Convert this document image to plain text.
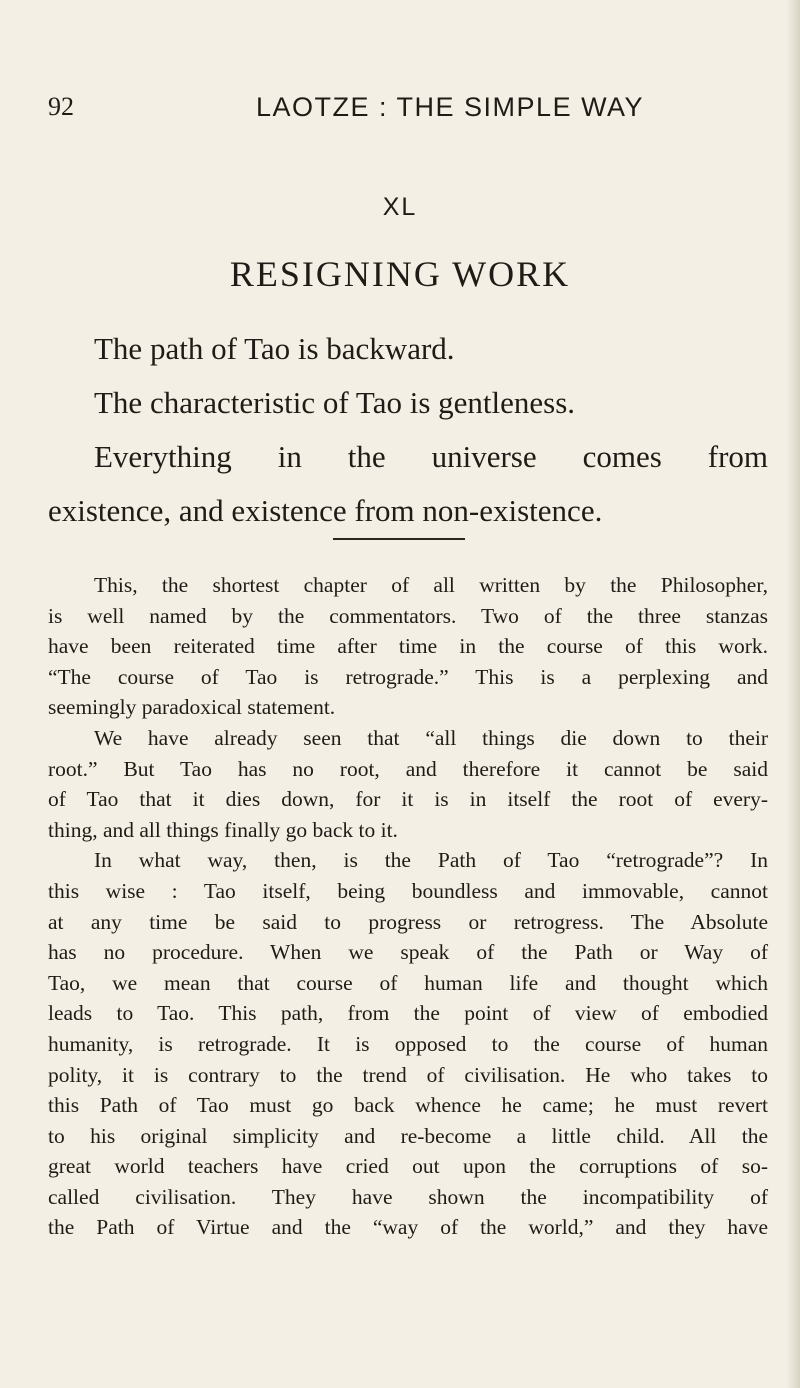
92	LAOTZE : THE SIMPLE WAY
XL
RESIGNING WORK
The path of Tao is backward.
The characteristic of Tao is gentleness.
Everything in the universe comes from
existence, and existence from non-existence.
This, the shortest chapter of all written by the Philosopher,
is well named by the commentators. Two of the three stanzas
have been reiterated time after time in the course of this work.
“The course of Tao is retrograde.” This is a perplexing and
seemingly paradoxical statement.
We have already seen that “all things die down to their
root.” But Tao has no root, and therefore it cannot be said
of Tao that it dies down, for it is in itself the root of every-
thing, and all things finally go back to it.
In what way, then, is the Path of Tao “retrograde”? In
this wise : Tao itself, being boundless and immovable, cannot
at any time be said to progress or retrogress. The Absolute
has no procedure. When we speak of the Path or Way of
Tao, we mean that course of human life and thought which
leads to Tao. This path, from the point of view of embodied
humanity, is retrograde. It is opposed to the course of human
polity, it is contrary to the trend of civilisation. He who takes to
this Path of Tao must go back whence he came; he must revert
to his original simplicity and re-become a little child. All the
great world teachers have cried out upon the corruptions of so-
called civilisation. They have shown the incompatibility of
the Path of Virtue and the “way of the world,” and they have
